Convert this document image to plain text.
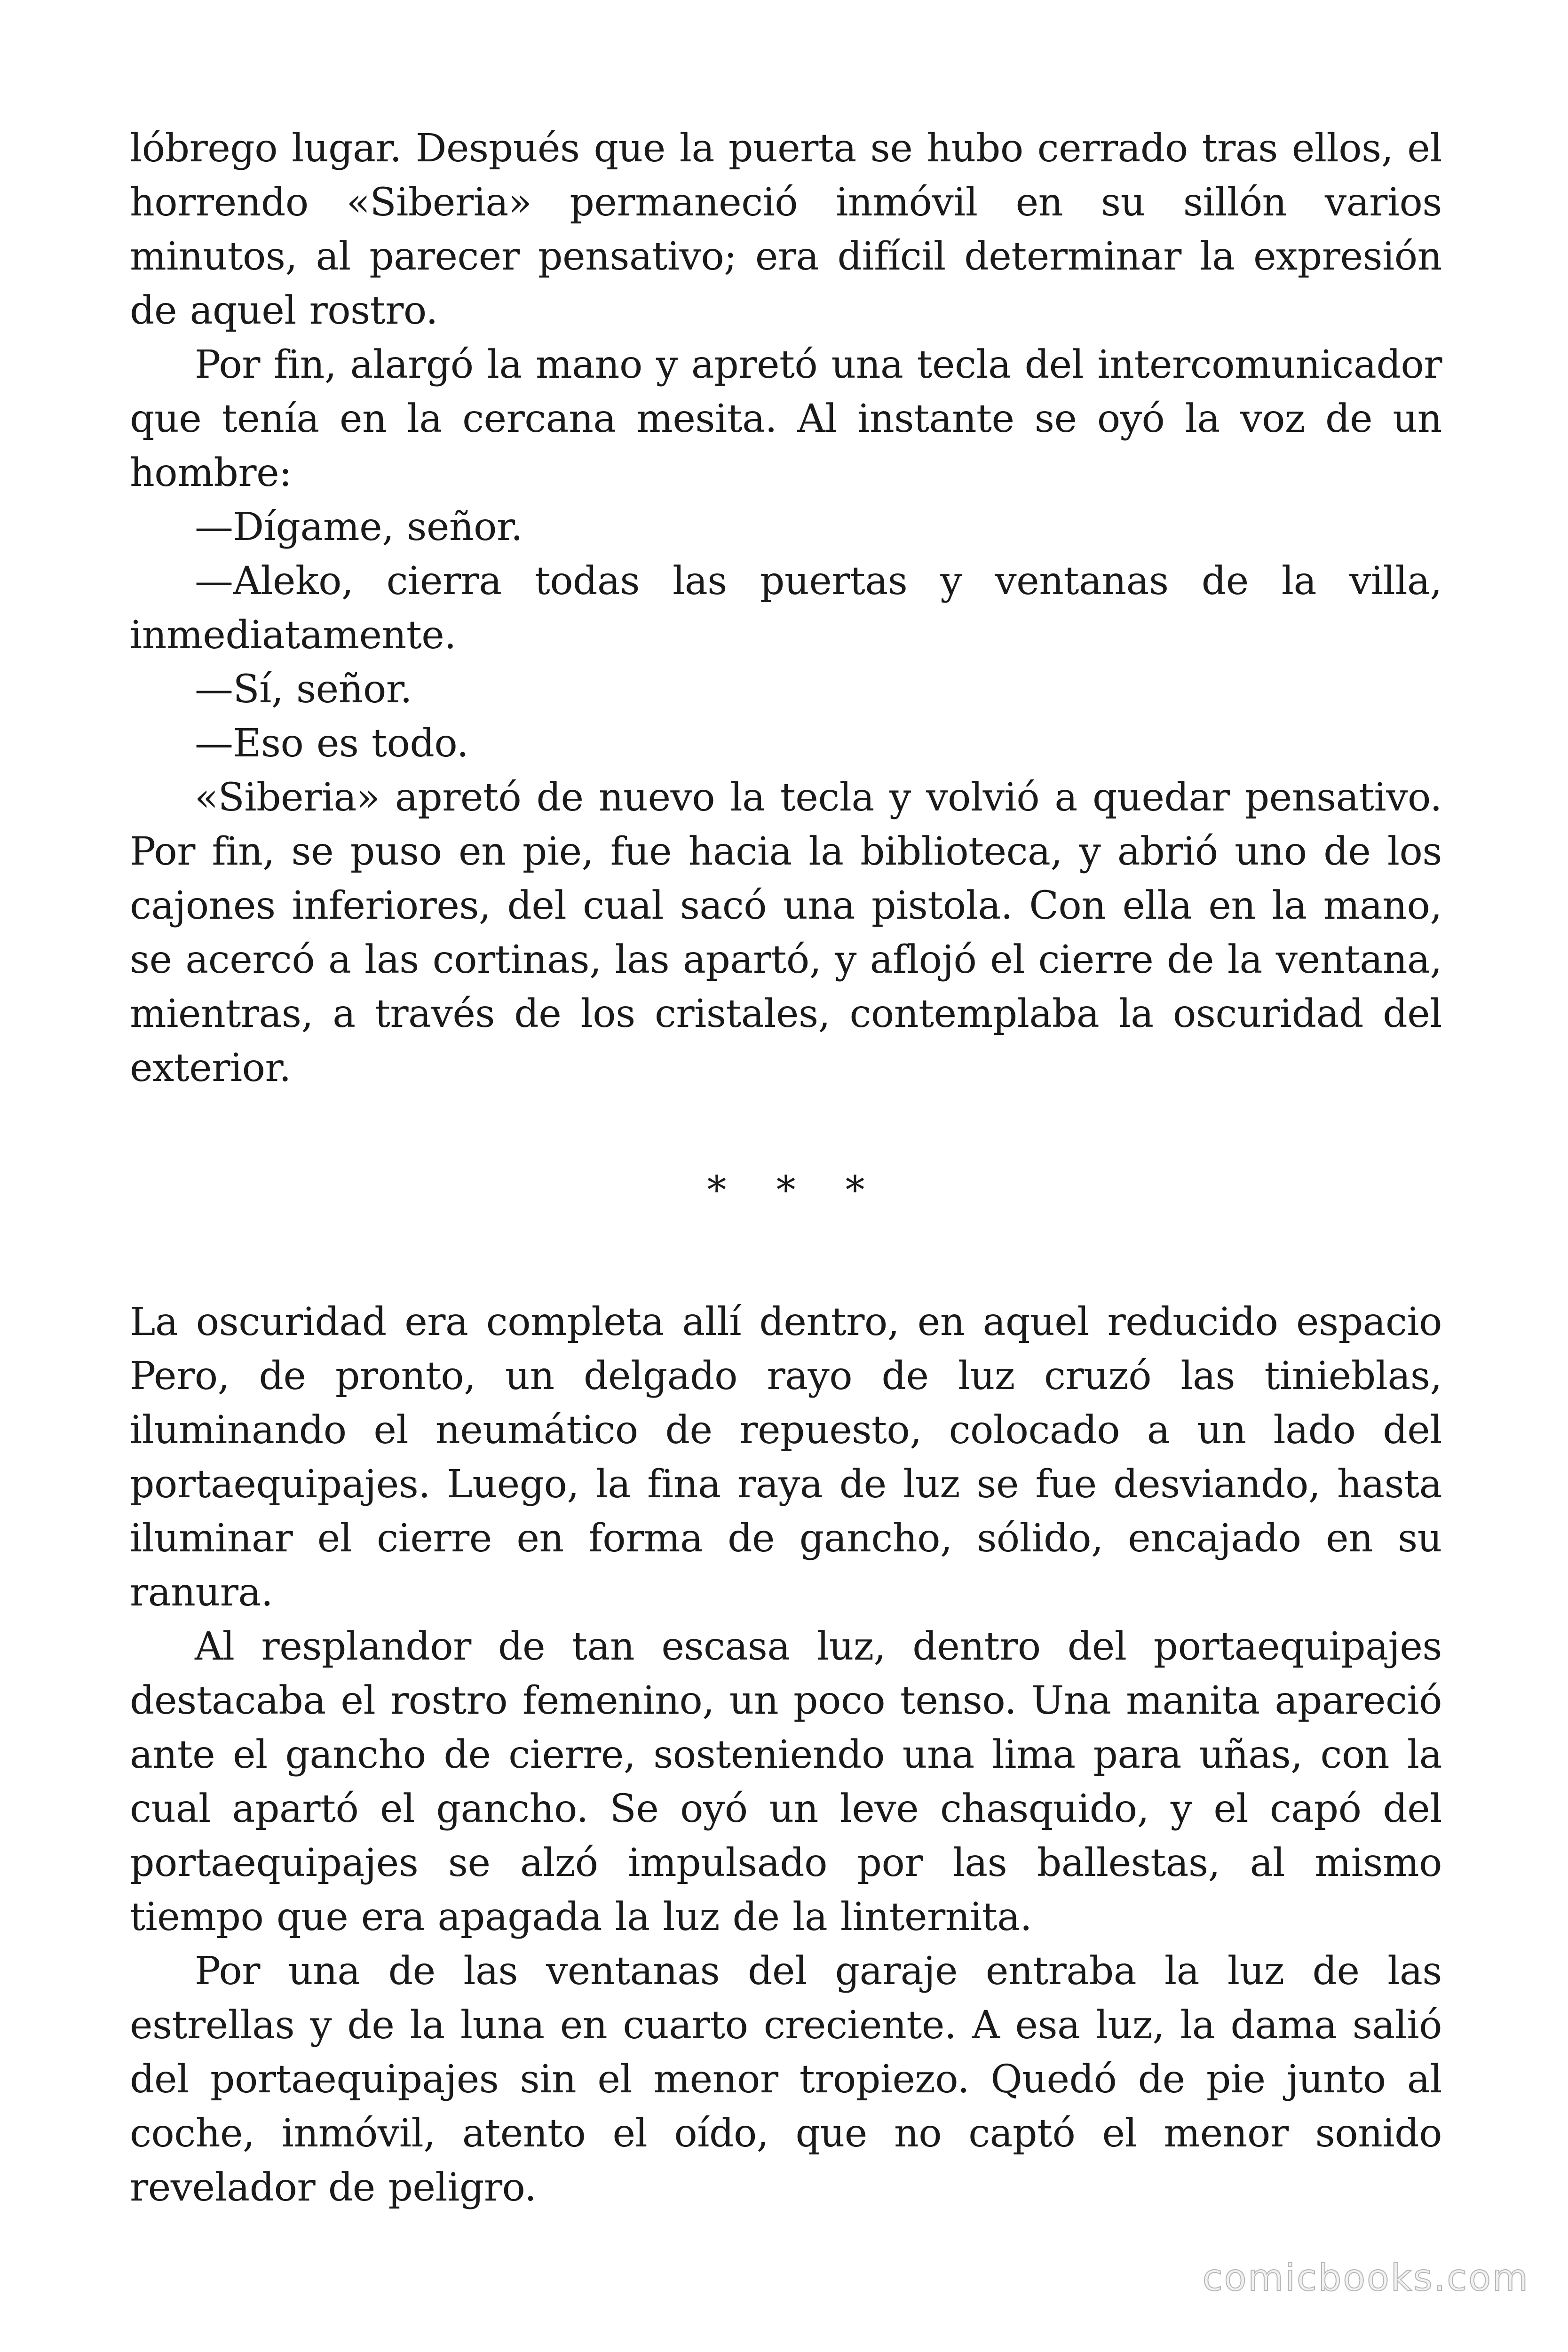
lóbrego lugar. Después que la puerta se hubo cerrado tras ellos, el horrendo «Siberia» permaneció inmóvil en su sillón varios minutos, al parecer pensativo; era difícil determinar la expresión de aquel rostro.

Por fin, alargó la mano y apretó una tecla del intercomunicador que tenía en la cercana mesita. Al instante se oyó la voz de un hombre:

—Dígame, señor.

—Aleko, cierra todas las puertas y ventanas de la villa, inmediatamente.

—Sí, señor.

—Eso es todo.

«Siberia» apretó de nuevo la tecla y volvió a quedar pensativo. Por fin, se puso en pie, fue hacia la biblioteca, y abrió uno de los cajones inferiores, del cual sacó una pistola. Con ella en la mano, se acercó a las cortinas, las apartó, y aflojó el cierre de la ventana, mientras, a través de los cristales, contemplaba la oscuridad del exterior.

* * *

La oscuridad era completa allí dentro, en aquel reducido espacio Pero, de pronto, un delgado rayo de luz cruzó las tinieblas, iluminando el neumático de repuesto, colocado a un lado del portaequipajes. Luego, la fina raya de luz se fue desviando, hasta iluminar el cierre en forma de gancho, sólido, encajado en su ranura.

Al resplandor de tan escasa luz, dentro del portaequipajes destacaba el rostro femenino, un poco tenso. Una manita apareció ante el gancho de cierre, sosteniendo una lima para uñas, con la cual apartó el gancho. Se oyó un leve chasquido, y el capó del portaequipajes se alzó impulsado por las ballestas, al mismo tiempo que era apagada la luz de la linternita.

Por una de las ventanas del garaje entraba la luz de las estrellas y de la luna en cuarto creciente. A esa luz, la dama salió del portaequipajes sin el menor tropiezo. Quedó de pie junto al coche, inmóvil, atento el oído, que no captó el menor sonido revelador de peligro.

comicbooks.com
